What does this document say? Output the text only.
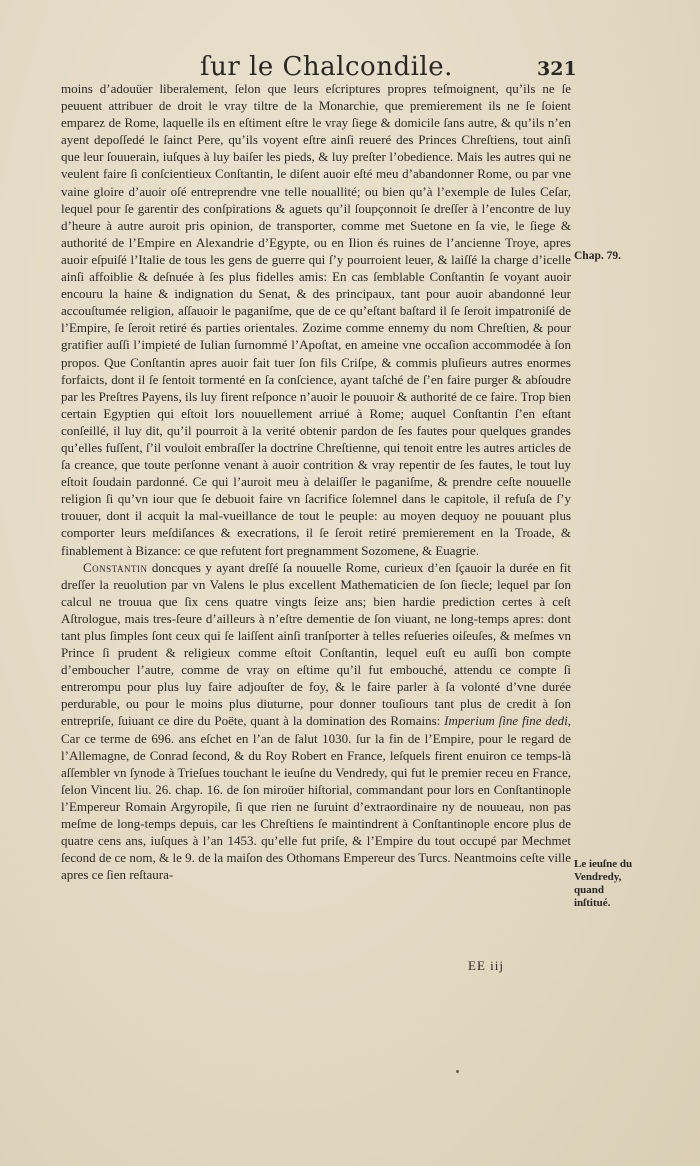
ſur le Chalcondile.	321

moins d’adouüer liberalement, ſelon que leurs eſcriptures propres teſmoignent, qu’ils ne ſe peuuent attribuer de droit le vray tiltre de la Monarchie, que premierement ils ne ſe ſoient emparez de Rome, laquelle ils en eſtiment eſtre le vray ſiege & domicile ſans autre, & qu’ils n’en ayent depoſſedé le ſainct Pere, qu’ils voyent eſtre ainſi reueré des Princes Chreſtiens, tout ainſi que leur ſouuerain, iuſques à luy baiſer les pieds, & luy preſter l’obedience. Mais les autres qui ne veulent faire ſi conſcientieux Conſtantin, le diſent auoir eſté meu d’abandonner Rome, ou par vne vaine gloire d’auoir oſé entreprendre vne telle nouallité; ou bien qu’à l’exemple de Iules Ceſar, lequel pour ſe garentir des conſpirations & aguets qu’il ſoupçonnoit ſe dreſſer à l’encontre de luy d’heure à autre auroit pris opinion, de transporter, comme met Suetone en ſa vie, le ſiege & authorité de l’Empire en Alexandrie d’Egypte, ou en Ilion és ruines de l’ancienne Troye, apres auoir eſpuiſé l’Italie de tous les gens de guerre qui ſ’y pourroient leuer, & laiſſé la charge d’icelle ainſi affoiblie & deſnuée à ſes plus fidelles amis: En cas ſemblable Conſtantin ſe voyant auoir encouru la haine & indignation du Senat, & des principaux, tant pour auoir abandonné leur accouſtumée religion, aſſauoir le paganiſme, que de ce qu’eſtant baſtard il ſe ſeroit impatroniſé de l’Empire, ſe ſeroit retiré és parties orientales. Zozime comme ennemy du nom Chreſtien, & pour gratifier auſſi l’impieté de Iulian ſurnommé l’Apoſtat, en ameine vne occaſion accommodée à ſon propos. Que Conſtantin apres auoir fait tuer ſon fils Criſpe, & commis pluſieurs autres enormes forfaicts, dont il ſe ſentoit tormenté en ſa conſcience, ayant taſché de ſ’en faire purger & abſoudre par les Preſtres Payens, ils luy firent reſponce n’auoir le pouuoir & authorité de ce faire. Trop bien certain Egyptien qui eſtoit lors nouuellement arriué à Rome; auquel Conſtantin ſ’en eſtant conſeillé, il luy dit, qu’il pourroit à la verité obtenir pardon de ſes fautes pour quelques grandes qu’elles fuſſent, ſ’il vouloit embraſſer la doctrine Chreſtienne, qui tenoit entre les autres articles de ſa creance, que toute perſonne venant à auoir contrition & vray repentir de ſes fautes, le tout luy eſtoit ſoudain pardonné. Ce qui l’auroit meu à delaiſſer le paganiſme, & prendre ceſte nouuelle religion ſi qu’vn iour que ſe debuoit faire vn ſacrifice ſolemnel dans le capitole, il refuſa de ſ’y trouuer, dont il acquit la mal-vueillance de tout le peuple: au moyen dequoy ne pouuant plus comporter leurs meſdiſances & execrations, il ſe ſeroit retiré premierement en la Troade, & finablement à Bizance: ce que refutent fort pregnamment Sozomene, & Euagrie.

Constantin doncques y ayant dreſſé ſa nouuelle Rome, curieux d’en ſçauoir la durée en fit dreſſer la reuolution par vn Valens le plus excellent Mathematicien de ſon ſiecle; lequel par ſon calcul ne trouua que ſix cens quatre vingts ſeize ans; bien hardie prediction certes à ceſt Aſtrologue, mais tres-ſeure d’ailleurs à n’eſtre dementie de ſon viuant, ne long-temps apres: dont tant plus ſimples ſont ceux qui ſe laiſſent ainſi tranſporter à telles reſueries oiſeuſes, & meſmes vn Prince ſi prudent & religieux comme eſtoit Conſtantin, lequel euſt eu auſſi bon compte d’emboucher l’autre, comme de vray on eſtime qu’il fut embouché, attendu ce compte ſi entrerompu pour plus luy faire adjouſter de foy, & le faire parler à ſa volonté d’vne durée perdurable, ou pour le moins plus diuturne, pour donner touſiours tant plus de credit à ſon entrepriſe, ſuiuant ce dire du Poëte, quant à la domination des Romains: Imperium ſine fine dedi, Car ce terme de 696. ans eſchet en l’an de ſalut 1030. ſur la fin de l’Empire, pour le regard de l’Allemagne, de Conrad ſecond, & du Roy Robert en France, leſquels firent enuiron ce temps-là aſſembler vn ſynode à Trieſues touchant le ieuſne du Vendredy, qui fut le premier receu en France, ſelon Vincent liu. 26. chap. 16. de ſon miroüer hiſtorial, commandant pour lors en Conſtantinople l’Empereur Romain Argyropile, ſi que rien ne ſuruint d’extraordinaire ny de nouueau, non pas meſme de long-temps depuis, car les Chreſtiens ſe maintindrent à Conſtantinople encore plus de quatre cens ans, iuſques à l’an 1453. qu’elle fut priſe, & l’Empire du tout occupé par Mechmet ſecond de ce nom, & le 9. de la maiſon des Othomans Empereur des Turcs. Neantmoins ceſte ville apres ce ſien reſtaura-

Chap. 79.
Le ieuſne du Vendredy, quand inſtitué.
EE iij
